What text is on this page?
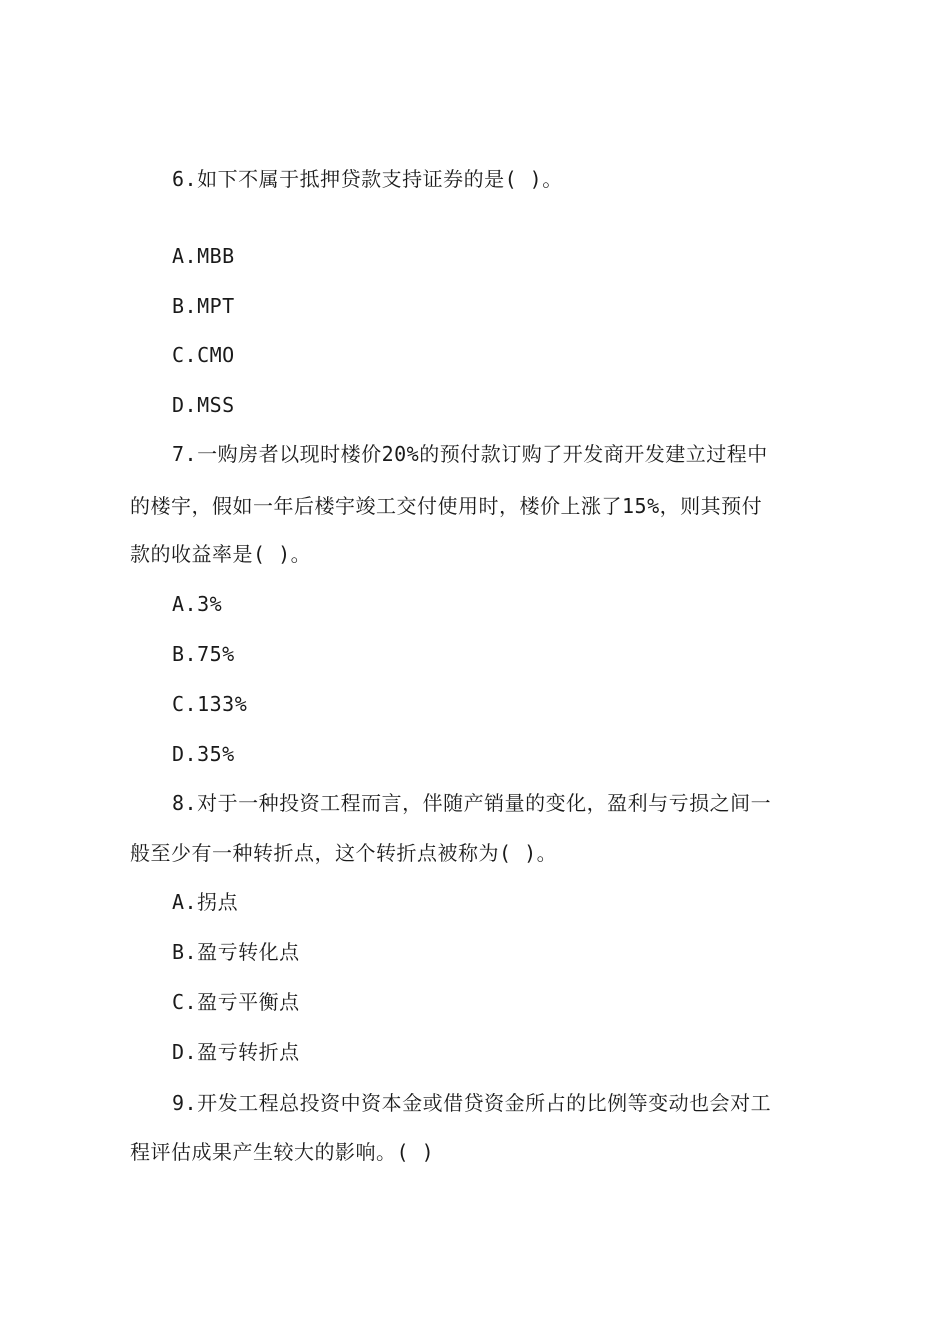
6.如下不属于抵押贷款支持证券的是( )。
A.MBB
B.MPT
C.CMO
D.MSS
7.一购房者以现时楼价20%的预付款订购了开发商开发建立过程中
的楼宇，假如一年后楼宇竣工交付使用时，楼价上涨了15%，则其预付
款的收益率是( )。
A.3%
B.75%
C.133%
D.35%
8.对于一种投资工程而言，伴随产销量的变化，盈利与亏损之间一
般至少有一种转折点，这个转折点被称为( )。
A.拐点
B.盈亏转化点
C.盈亏平衡点
D.盈亏转折点
9.开发工程总投资中资本金或借贷资金所占的比例等变动也会对工
程评估成果产生较大的影响。( )
